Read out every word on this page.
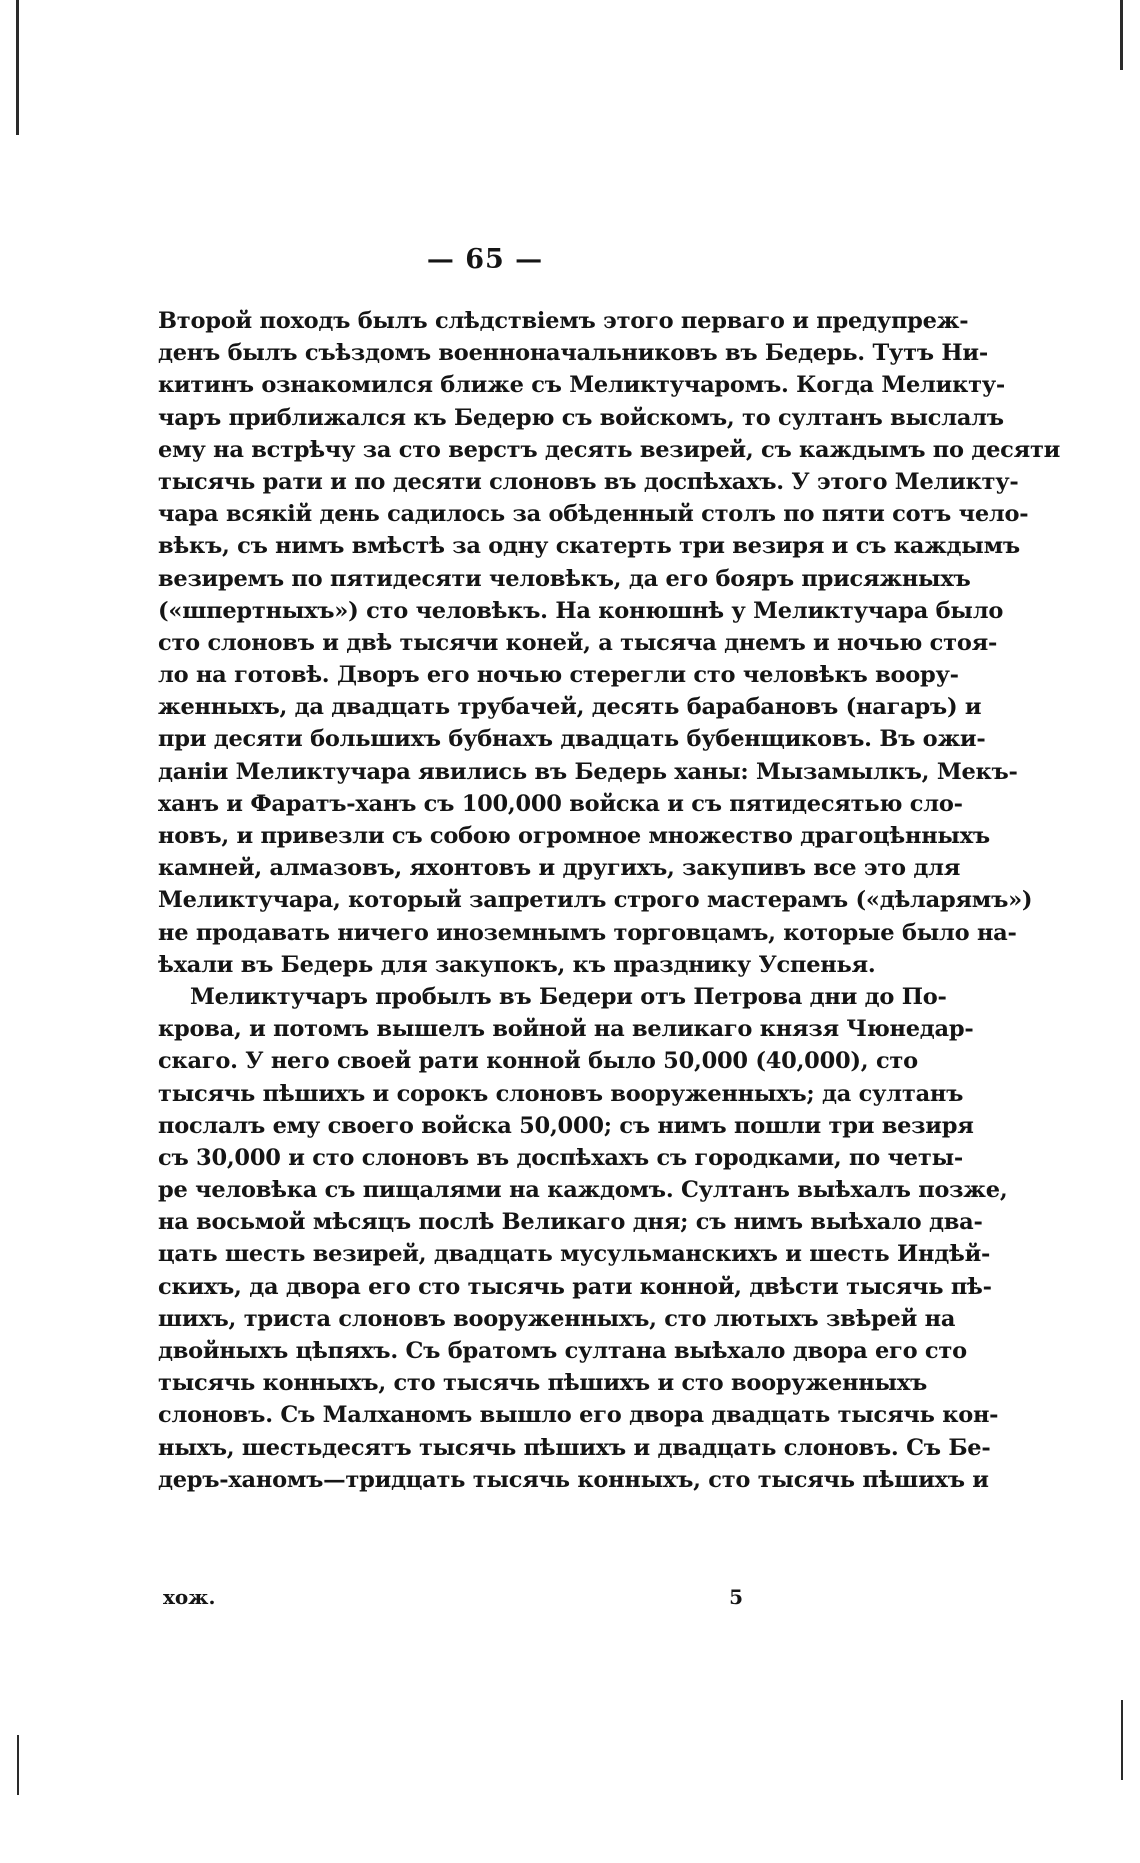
— 65 —
Второй походъ былъ слѣдствіемъ этого перваго и предупреж-
денъ былъ съѣздомъ военноначальниковъ въ Бедерь. Тутъ Ни-
китинъ ознакомился ближе съ Меликтучаромъ. Когда Меликту-
чаръ приближался къ Бедерю съ войскомъ, то султанъ выслалъ
ему на встрѣчу за сто верстъ десять везирей, съ каждымъ по десяти
тысячь рати и по десяти слоновъ въ доспѣхахъ. У этого Меликту-
чара всякій день садилось за обѣденный столъ по пяти сотъ чело-
вѣкъ, съ нимъ вмѣстѣ за одну скатерть три везиря и съ каждымъ
везиремъ по пятидесяти человѣкъ, да его бояръ присяжныхъ
(«шпертныхъ») сто человѣкъ. На конюшнѣ у Меликтучара было
сто слоновъ и двѣ тысячи коней, а тысяча днемъ и ночью стоя-
ло на готовѣ. Дворъ его ночью стерегли сто человѣкъ воору-
женныхъ, да двадцать трубачей, десять барабановъ (нагаръ) и
при десяти большихъ бубнахъ двадцать бубенщиковъ. Въ ожи-
даніи Меликтучара явились въ Бедерь ханы: Мызамылкъ, Мекъ-
ханъ и Фаратъ-ханъ съ 100,000 войска и съ пятидесятью сло-
новъ, и привезли съ собою огромное множество драгоцѣнныхъ
камней, алмазовъ, яхонтовъ и другихъ, закупивъ все это для
Меликтучара, который запретилъ строго мастерамъ («дѣларямъ»)
не продавать ничего иноземнымъ торговцамъ, которые было на-
ѣхали въ Бедерь для закупокъ, къ празднику Успенья.
Меликтучаръ пробылъ въ Бедери отъ Петрова дни до По-
крова, и потомъ вышелъ войной на великаго князя Чюнедар-
скаго. У него своей рати конной было 50,000 (40,000), сто
тысячь пѣшихъ и сорокъ слоновъ вооруженныхъ; да султанъ
послалъ ему своего войска 50,000; съ нимъ пошли три везиря
съ 30,000 и сто слоновъ въ доспѣхахъ съ городками, по четы-
ре человѣка съ пищалями на каждомъ. Султанъ выѣхалъ позже,
на восьмой мѣсяцъ послѣ Великаго дня; съ нимъ выѣхало два-
цать шесть везирей, двадцать мусульманскихъ и шесть Индѣй-
скихъ, да двора его сто тысячь рати конной, двѣсти тысячь пѣ-
шихъ, триста слоновъ вооруженныхъ, сто лютыхъ звѣрей на
двойныхъ цѣпяхъ. Съ братомъ султана выѣхало двора его сто
тысячь конныхъ, сто тысячь пѣшихъ и сто вооруженныхъ
слоновъ. Съ Малханомъ вышло его двора двадцать тысячь кон-
ныхъ, шестьдесятъ тысячь пѣшихъ и двадцать слоновъ. Съ Бе-
деръ-ханомъ—тридцать тысячь конныхъ, сто тысячь пѣшихъ и
хож.	5
